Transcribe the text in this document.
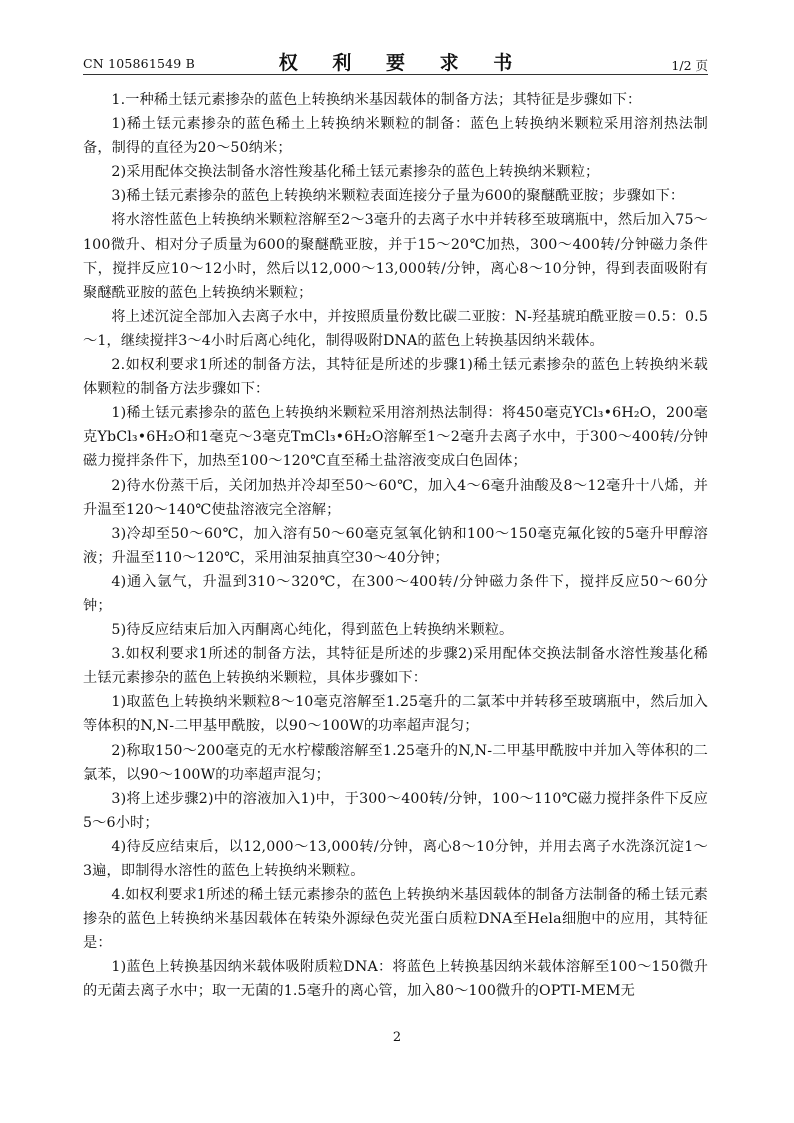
CN 105861549 B	权 利 要 求 书	1/2 页

1.一种稀土铥元素掺杂的蓝色上转换纳米基因载体的制备方法；其特征是步骤如下：

1)稀土铥元素掺杂的蓝色稀土上转换纳米颗粒的制备：蓝色上转换纳米颗粒采用溶剂热法制备，制得的直径为20～50纳米；

2)采用配体交换法制备水溶性羧基化稀土铥元素掺杂的蓝色上转换纳米颗粒；

3)稀土铥元素掺杂的蓝色上转换纳米颗粒表面连接分子量为600的聚醚酰亚胺；步骤如下：

将水溶性蓝色上转换纳米颗粒溶解至2～3毫升的去离子水中并转移至玻璃瓶中，然后加入75～100微升、相对分子质量为600的聚醚酰亚胺，并于15～20℃加热，300～400转/分钟磁力条件下，搅拌反应10～12小时，然后以12,000～13,000转/分钟，离心8～10分钟，得到表面吸附有聚醚酰亚胺的蓝色上转换纳米颗粒；

将上述沉淀全部加入去离子水中，并按照质量份数比碳二亚胺：N-羟基琥珀酰亚胺＝0.5：0.5～1，继续搅拌3～4小时后离心纯化，制得吸附DNA的蓝色上转换基因纳米载体。

2.如权利要求1所述的制备方法，其特征是所述的步骤1)稀土铥元素掺杂的蓝色上转换纳米载体颗粒的制备方法步骤如下：

1)稀土铥元素掺杂的蓝色上转换纳米颗粒采用溶剂热法制得：将450毫克YCl₃•6H₂O，200毫克YbCl₃•6H₂O和1毫克～3毫克TmCl₃•6H₂O溶解至1～2毫升去离子水中，于300～400转/分钟磁力搅拌条件下，加热至100～120℃直至稀土盐溶液变成白色固体；

2)待水份蒸干后，关闭加热并冷却至50～60℃，加入4～6毫升油酸及8～12毫升十八烯，并升温至120～140℃使盐溶液完全溶解；

3)冷却至50～60℃，加入溶有50～60毫克氢氧化钠和100～150毫克氟化铵的5毫升甲醇溶液；升温至110～120℃，采用油泵抽真空30～40分钟；

4)通入氩气，升温到310～320℃，在300～400转/分钟磁力条件下，搅拌反应50～60分钟；

5)待反应结束后加入丙酮离心纯化，得到蓝色上转换纳米颗粒。

3.如权利要求1所述的制备方法，其特征是所述的步骤2)采用配体交换法制备水溶性羧基化稀土铥元素掺杂的蓝色上转换纳米颗粒，具体步骤如下：

1)取蓝色上转换纳米颗粒8～10毫克溶解至1.25毫升的二氯苯中并转移至玻璃瓶中，然后加入等体积的N,N-二甲基甲酰胺，以90～100W的功率超声混匀；

2)称取150～200毫克的无水柠檬酸溶解至1.25毫升的N,N-二甲基甲酰胺中并加入等体积的二氯苯，以90～100W的功率超声混匀；

3)将上述步骤2)中的溶液加入1)中，于300～400转/分钟，100～110℃磁力搅拌条件下反应5～6小时；

4)待反应结束后，以12,000～13,000转/分钟，离心8～10分钟，并用去离子水洗涤沉淀1～3遍，即制得水溶性的蓝色上转换纳米颗粒。

4.如权利要求1所述的稀土铥元素掺杂的蓝色上转换纳米基因载体的制备方法制备的稀土铥元素掺杂的蓝色上转换纳米基因载体在转染外源绿色荧光蛋白质粒DNA至Hela细胞中的应用，其特征是：

1)蓝色上转换基因纳米载体吸附质粒DNA：将蓝色上转换基因纳米载体溶解至100～150微升的无菌去离子水中；取一无菌的1.5毫升的离心管，加入80～100微升的OPTI-MEM无

2
